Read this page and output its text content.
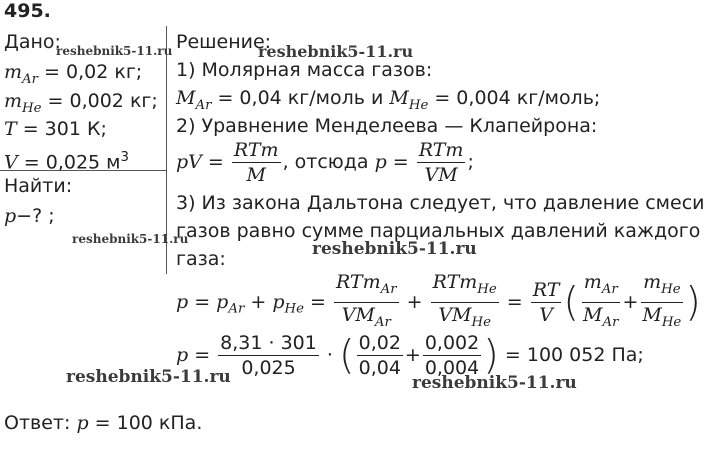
495.
Дано:
$m_{Ar} = 0,02$ кг;
$m_{He} = 0,002$ кг;
T = 301 К;
V = 0,025 $м^3$
Найти:
p−? ;
Решение:
1) Молярная масса газов:
$M_{Ar} = 0,04$ кг/моль и $M_{He} = 0,004$ кг/моль;
2) Уравнение Менделеева — Клапейрона:
pV = $\frac{\text{RTm}}{M}$ , отсюда $p = \frac{\text{RTm}}{VM}$ ;
3) Из закона Дальтона следует, что давление смеси
газов равно сумме парциальных давлений каждого
газа:
$p = p_{Ar} + p_{He} = \frac{RTm_{Ar}}{VM_{Ar}} + \frac{RTm_{He}}{VM_{He}} = \frac{RT}{V}$ ( $\frac{m_{Ar}}{M_{Ar}} + \frac{m_{He}}{M_{He}}$ )
$p = \frac{8,31 \cdot 301}{0,025}$ · ( $\frac{0,02}{0,04} + \frac{0,002}{0,004}$ ) = 100 052 Па;
Ответ: p = 100 кПа.
reshebnik5-11.ru	reshebnik5-11.ru
reshebnik5-11.ru	reshebnik5-11.ru
reshebnik5-11.ru	reshebnik5-11.ru
